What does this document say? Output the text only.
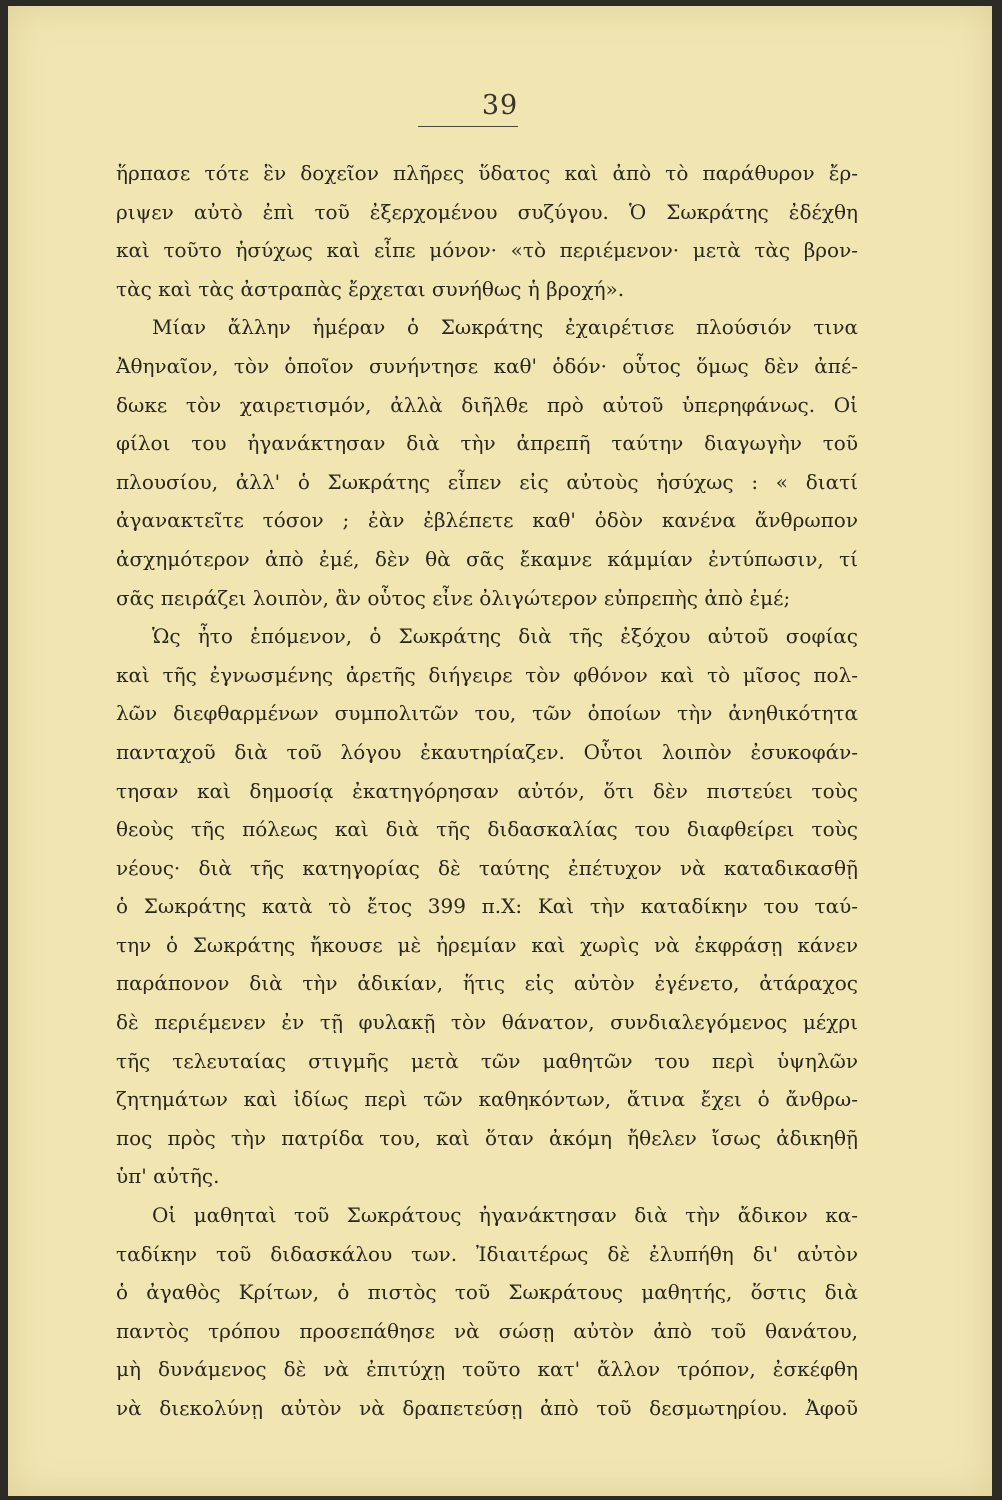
39
ἥρπασε τότε ἓν δοχεῖον πλῆρες ὕδατος καὶ ἀπὸ τὸ παράθυρον ἔρ-
ριψεν αὐτὸ ἐπὶ τοῦ ἐξερχομένου συζύγου. Ὁ Σωκράτης ἐδέχθη
καὶ τοῦτο ἡσύχως καὶ εἶπε μόνον· «τὸ περιέμενον· μετὰ τὰς βρον-
τὰς καὶ τὰς ἀστραπὰς ἔρχεται συνήθως ἡ βροχή».
Μίαν ἄλλην ἡμέραν ὁ Σωκράτης ἐχαιρέτισε πλούσιόν τινα
Ἀθηναῖον, τὸν ὁποῖον συνήντησε καθ' ὁδόν· οὗτος ὅμως δὲν ἀπέ-
δωκε τὸν χαιρετισμόν, ἀλλὰ διῆλθε πρὸ αὐτοῦ ὑπερηφάνως. Οἱ
φίλοι του ἠγανάκτησαν διὰ τὴν ἀπρεπῆ ταύτην διαγωγὴν τοῦ
πλουσίου, ἀλλ' ὁ Σωκράτης εἶπεν εἰς αὐτοὺς ἡσύχως : « διατί
ἀγανακτεῖτε τόσον ; ἐὰν ἐβλέπετε καθ' ὁδὸν κανένα ἄνθρωπον
ἀσχημότερον ἀπὸ ἐμέ, δὲν θὰ σᾶς ἔκαμνε κάμμίαν ἐντύπωσιν, τί
σᾶς πειράζει λοιπὸν, ἂν οὗτος εἶνε ὀλιγώτερον εὐπρεπὴς ἀπὸ ἐμέ;
Ὡς ἦτο ἑπόμενον, ὁ Σωκράτης διὰ τῆς ἐξόχου αὐτοῦ σοφίας
καὶ τῆς ἐγνωσμένης ἀρετῆς διήγειρε τὸν φθόνον καὶ τὸ μῖσος πολ-
λῶν διεφθαρμένων συμπολιτῶν του, τῶν ὁποίων τὴν ἀνηθικότητα
πανταχοῦ διὰ τοῦ λόγου ἐκαυτηρίαζεν. Οὗτοι λοιπὸν ἐσυκοφάν-
τησαν καὶ δημοσίᾳ ἐκατηγόρησαν αὐτόν, ὅτι δὲν πιστεύει τοὺς
θεοὺς τῆς πόλεως καὶ διὰ τῆς διδασκαλίας του διαφθείρει τοὺς
νέους· διὰ τῆς κατηγορίας δὲ ταύτης ἐπέτυχον νὰ καταδικασθῇ
ὁ Σωκράτης κατὰ τὸ ἔτος 399 π.Χ: Καὶ τὴν καταδίκην του ταύ-
την ὁ Σωκράτης ἤκουσε μὲ ἠρεμίαν καὶ χωρὶς νὰ ἐκφράσῃ κάνεν
παράπονον διὰ τὴν ἀδικίαν, ἥτις εἰς αὐτὸν ἐγένετο, ἀτάραχος
δὲ περιέμενεν ἐν τῇ φυλακῇ τὸν θάνατον, συνδιαλεγόμενος μέχρι
τῆς τελευταίας στιγμῆς μετὰ τῶν μαθητῶν του περὶ ὑψηλῶν
ζητημάτων καὶ ἰδίως περὶ τῶν καθηκόντων, ἅτινα ἔχει ὁ ἄνθρω-
πος πρὸς τὴν πατρίδα του, καὶ ὅταν ἀκόμη ἤθελεν ἴσως ἀδικηθῇ
ὑπ' αὐτῆς.
Οἱ μαθηταὶ τοῦ Σωκράτους ἠγανάκτησαν διὰ τὴν ἄδικον κα-
ταδίκην τοῦ διδασκάλου των. Ἰδιαιτέρως δὲ ἐλυπήθη δι' αὐτὸν
ὁ ἀγαθὸς Κρίτων, ὁ πιστὸς τοῦ Σωκράτους μαθητής, ὅστις διὰ
παντὸς τρόπου προσεπάθησε νὰ σώσῃ αὐτὸν ἀπὸ τοῦ θανάτου,
μὴ δυνάμενος δὲ νὰ ἐπιτύχῃ τοῦτο κατ' ἄλλον τρόπον, ἐσκέφθη
νὰ διεκολύνῃ αὐτὸν νὰ δραπετεύσῃ ἀπὸ τοῦ δεσμωτηρίου. Ἀφοῦ
